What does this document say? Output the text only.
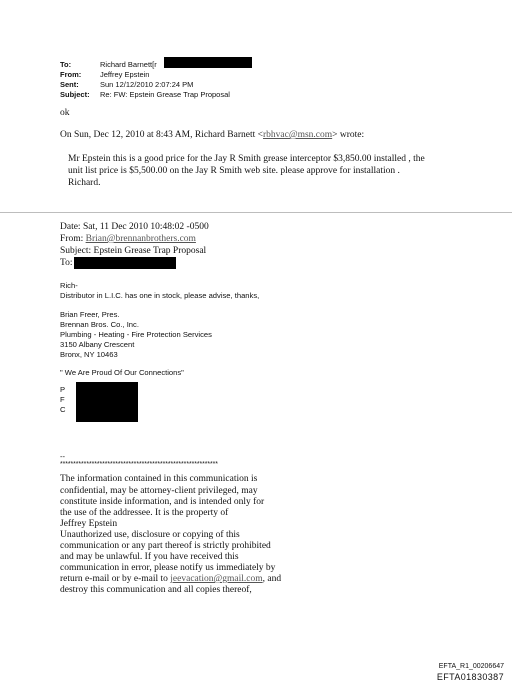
To:	Richard Barnett[r
From:	Jeffrey Epstein
Sent:	Sun 12/12/2010 2:07:24 PM
Subject: Re: FW: Epstein Grease Trap Proposal
ok
On Sun, Dec 12, 2010 at 8:43 AM, Richard Barnett <rbhvac@msn.com> wrote:
Mr Epstein this is a good price for the Jay R Smith grease interceptor $3,850.00 installed , the
unit list price is $5,500.00 on the Jay R Smith web site. please approve for installation .
Richard.
Date: Sat, 11 Dec 2010 10:48:02 -0500
From: Brian@brennanbrothers.com
Subject: Epstein Grease Trap Proposal
To:
Rich-
Distributor in L.I.C. has one in stock, please advise, thanks,
Brian Freer, Pres.
Brennan Bros. Co., Inc.
Plumbing - Heating - Fire Protection Services
3150 Albany Crescent
Bronx, NY 10463
" We Are Proud Of Our Connections"
P
F
C
--
************************************************************
The information contained in this communication is
confidential, may be attorney-client privileged, may
constitute inside information, and is intended only for
the use of the addressee. It is the property of
Jeffrey Epstein
Unauthorized use, disclosure or copying of this
communication or any part thereof is strictly prohibited
and may be unlawful. If you have received this
communication in error, please notify us immediately by
return e-mail or by e-mail to jeevacation@gmail.com, and
destroy this communication and all copies thereof,
EFTA_R1_00206647
EFTA01830387
